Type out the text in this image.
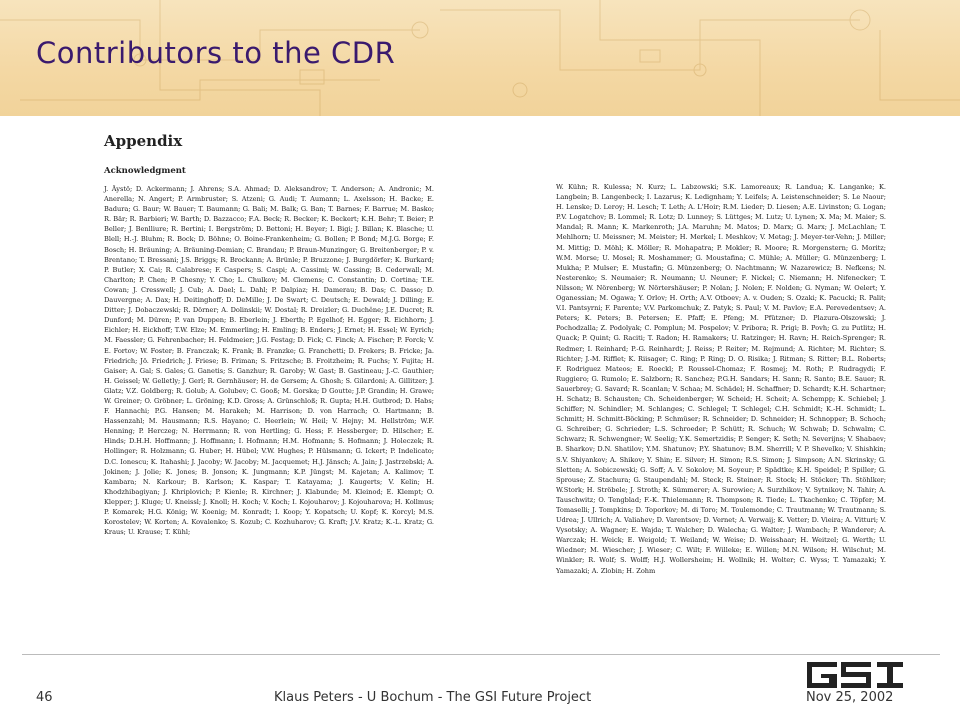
Contributors to the CDR
Appendix
Acknowledgment

J. Äystö; D. Ackermann; J. Ahrens; S.A. Ahmad; D. Aleksandrov; T. Anderson; A. Andronic; M. Anerella; N. Angert; P. Armbruster; S. Atzeni; G. Audi; T. Aumann; L. Axelsson; H. Backe; E. Badura; G. Baur; W. Bauer; T. Baumann; G. Bali; M. Balk; G. Ban; T. Barnes; F. Barrue; M. Basko; R. Bär; R. Barbieri; W. Barth; D. Bazzacco; F.A. Beck; R. Becker; K. Beckert; K.H. Behr; T. Beier; P. Beller; J. Benlliure; R. Bertini; I. Bergström; D. Bettoni; H. Beyer; I. Bigi; J. Billan; K. Blasche; U. Blell; H.-J. Bluhm; R. Bock; D. Böhne; O. Boine-Frankenheim; G. Bollen; P. Bond; M.J.G. Borge; F. Bosch; H. Bräuning; A. Bräuning-Demian; C. Brandau; P. Braun-Munzinger; G. Breitenberger; P. v. Brentano; T. Bressani; J.S. Briggs; R. Brockann; A. Brünle; P. Bruzzone; J. Burgdörfer; K. Burkard; P. Butler; X. Cai; R. Calabrese; F. Caspers; S. Caspi; A. Cassimi; W. Cassing; B. Cederwall; M. Charlton; P. Chen; P. Chesny; Y. Cho; L. Chulkov; M. Clemens; C. Constantin; D. Cortina; T.E. Cowan; J. Cresswell; J. Cub; A. Dael; L. Dahl; P. Dalpiaz; H. Damerau; B. Das; C. Dasso; D. Dauvergne; A. Dax; H. Deitinghoff; D. DeMille; J. De Swart; C. Deutsch; E. Dewald; J. Dilling; E. Ditter; J. Dobaczewski; R. Dörner; A. Dolinskii; W. Dostal; R. Dreizler; G. Duchêne; J.E. Ducret; R. Dunford; M. Düren; P. van Duppen; B. Eberlein; J. Eberth; P. Egelhof; H. Egger; R. Eichhorn; J. Eichler; H. Eickhoff; T.W. Elze; M. Emmerling; H. Emling; B. Enders; J. Ernet; H. Essel; W. Eyrich; M. Faessler; G. Fehrenbacher; H. Feldmeier; J.G. Festag; D. Fick; C. Finck; A. Fischer; P. Forck; V. E. Fortov; W. Foster; B. Franczak; K. Frank; B. Franzke; G. Franchetti; D. Frekers; B. Fricke; Ja. Friedrich; Jö. Friedrich; J. Friese; B. Friman; S. Fritzsche; B. Froitzheim; R. Fuchs; Y. Fujita; H. Gaiser; A. Gal; S. Gales; G. Ganetis; S. Ganzhur; R. Garoby; W. Gast; B. Gastineau; J.-C. Gauthier; H. Geissel; W. Gelletly; J. Gerl; R. Gernhäuser; H. de Gersem; A. Ghosh; S. Gilardoni; A. Gillitzer; J. Glatz; V.Z. Goldberg; R. Golub; A. Golubev; C. Gooß; M. Gorska; D Goutte; J.P. Grandin; H. Grawe; W. Greiner; O. Gröbner; L. Gröning; K.D. Gross; A. Grünschloß; R. Gupta; H.H. Gutbrod; D. Habs; F. Hannachi; P.G. Hansen; M. Harakeh; M. Harrison; D. von Harrach; O. Hartmann; B. Hassenzahl; M. Hausmann; R.S. Hayano; C. Heerlein; W. Heil; V. Hejny; M. Hellström; W.F. Henning; P. Herczeg; N. Herrmann; R. von Hertling; G. Hess; F. Hessberger; D. Hilscher; E. Hinds; D.H.H. Hoffmann; J. Hoffmann; I. Hofmann; H.M. Hofmann; S. Hofmann; J. Holeczek; R. Hollinger; R. Holzmann; G. Huber; H. Hübel; V.W. Hughes; P. Hülsmann; G. Ickert; P. Indelicato; D.C. Ionescu; K. Itahashi; J. Jacoby; W. Jacoby; M. Jacquemet; H.J. Jänsch; A. Jain; J. Jastrzebski; A. Jokinen; J. Jolie; K. Jones; B. Jonson; K. Jungmann; K.P. Jüngst; M. Kajetan; A. Kalimov; T. Kambara; N. Karkour; B. Karlson; K. Kaspar; T. Katayama; J. Kaugerts; V. Kelin; H. Khodzhibagiyan; J. Khriplovich; P. Kienle; R. Kirchner; J. Klabunde; M. Kleinod; E. Klempt; O. Klepper; J. Kluge; U. Kneissl; J. Knoll; H. Koch; V. Koch; I. Kojouharov; J. Kojouharova; H. Kollmus; P. Komarek; H.G. König; W. Koenig; M. Konradt; I. Koop; Y. Kopatsch; U. Kopf; K. Korcyl; M.S. Korostelev; W. Korten; A. Kovalenko; S. Kozub; C. Kozhuharov; G. Kraft; J.V. Kratz; K.-L. Kratz; G. Kraus; U. Krause; T. Kühl;

W. Kühn; R. Kulessa; N. Kurz; L. Labzowski; S.K. Lamoreaux; R. Landua; K. Langanke; K. Langbein; B. Langenbeck; I. Lazarus; K. Ledignham; Y. Leifels; A. Leistenschneider; S. Le Naour; H. Lenske; D. Leroy; H. Lesch; T. Leth; A. L'Hoir; R.M. Lieder; D. Liesen; A.E. Livinston; G. Logan; P.V. Logatchov; B. Lommel; R. Lotz; D. Lunney; S. Lüttges; M. Lutz; U. Lynen; X. Ma; M. Maier; S. Mandal; R. Mann; K. Markenroth; J.A. Maruhn; M. Matos; D. Marx; G. Marx; J. McLachlan; T. Mehlhorn; U. Meissner; M. Meister; H. Merkel; I. Meshkov; V. Metag; J. Meyer-ter-Vehn; J. Miller; M. Mittig; D. Möhl; K. Möller; R. Mohapatra; P. Mokler; R. Moore; R. Morgenstern; G. Moritz; W.M. Morse; U. Mosel; R. Moshammer; G. Moustafina; C. Mühle; A. Müller; G. Münzenberg; I. Mukha; P. Mulser; E. Mustafin; G. Münzenberg; O. Nachtmann; W. Nazarewicz; B. Nefkens; N. Nesterenko; S. Neumaier; R. Neumann; U. Neuner; F. Nickel; C. Niemann; H. Nifenecker; T. Nilsson; W. Nörenberg; W. Nörtershäuser; P. Nolan; J. Nolen; F. Nolden; G. Nyman; W. Oelert; Y. Oganessian; M. Ogawa; Y. Orlov; H. Orth; A.V. Otboev; A. v. Ouden; S. Ozaki; K. Pacucki; R. Palit; V.I. Pantsyrni; F. Parente; V.V. Parkomchuk; Z. Patyk; S. Paul; V. M. Pavlov; E.A. Perevedentsev; A. Peters; K. Peters; B. Petersen; E. Pfaff; E. Pfeng; M. Pfützner; D. Plazura-Olszowski; J. Pochodzalla; Z. Podolyak; C. Pomplun; M. Pospelov; V. Pribora; R. Prigi; B. Povh; G. zu Putlitz; H. Quack; P. Quint; G. Raciti; T. Radon; H. Ramakers; U. Ratzinger; H. Ravn; H. Reich-Sprenger; R. Redmer; I. Reinhard; P.-G. Reinhardt; J. Reiss; P. Reiter; M. Rejmund; A. Richter; M. Richter; S. Richter; J.-M. Rifflet; K. Riisager; C. Ring; P. Ring; D. O. Risika; J. Ritman; S. Ritter; B.L. Roberts; F. Rodriguez Mateos; E. Roeckl; P. Roussel-Chomaz; F. Rosmej; M. Roth; P. Rudragydi; F. Ruggiero; G. Rumolo; E. Salzborn; R. Sanchez; P.G.H. Sandars; H. Sann; R. Santo; B.E. Sauer; R. Sauerbrey; G. Savard; R. Scanlan; V. Schaa; M. Schädel; H. Schaffner; D. Schardt; K.H. Schartner; H. Schatz; B. Schausten; Ch. Scheidenberger; W. Scheid; H. Scheit; A. Schempp; K. Schiebel; J. Schiffer; N. Schindler; M. Schlanges; C. Schlegel; T. Schlegel; C.H. Schmidt; K.-H. Schmidt; L. Schmitt; H. Schmitt-Böcking; P. Schmüser; R. Schneider; D. Schneider; H. Schnopper; B. Schoch; G. Schreiber; G. Schrieder; L.S. Schroeder; P. Schütt; R. Schuch; W. Schwab; D. Schwalm; C. Schwarz; R. Schwengner; W. Seelig; Y.K. Semertzidis; P. Senger; K. Seth; N. Severijns; V. Shabaev; B. Sharkov; D.N. Shatilov; Y.M. Shatunov; P.Y. Shatunov; B.M. Sherrill; V. P. Shevelko; V. Shishkin; S.V. Shiyankov; A. Shikov; Y. Shin; E. Silver; H. Simon; R.S. Simon; J. Simpson; A.N. Skrinsky; G. Sletten; A. Sobiczewski; G. Soff; A. V. Sokolov; M. Soyeur; P. Spädtke; K.H. Speidel; P. Spiller; G. Sprouse; Z. Stachura; G. Staupendahl; M. Steck; R. Steiner; R. Stock; H. Stöcker; Th. Stöhlker; W.Stork; H. Ströbele; J. Stroth; K. Sümmerer; A. Surowiec; A. Surzhikov; V. Sytnikov; N. Tahir; A. Tauschwitz; O. Tengblad; F.-K. Thielemann; R. Thompson; R. Tiede; L. Tkachenko; C. Töpfer; M. Tomaselli; J. Tompkins; D. Toporkov; M. di Toro; M. Toulemonde; C. Trautmann; W. Trautmann; S. Udrea; J. Ullrich; A. Valiahev; D. Varentsov; D. Vernet; A. Verwaij; K. Vetter; D. Vieira; A. Vitturi; V. Vysotsky; A. Wagner; E. Wajda; T. Walcher; D. Walecha; G. Walter; J. Wambach; P. Wanderer; A. Warczak; H. Weick; E. Weigold; T. Weiland; W. Weise; D. Weisshaar; H. Weitzel; G. Werth; U. Wiedner; M. Wiescher; J. Wieser; C. Wilt; F. Willeke; E. Willen; M.N. Wilson; H. Wilschut; M. Winkler; R. Wolf; S. Wolff; H.J. Wollersheim; H. Wollnik; H. Wolter; C. Wyss; T. Yamazaki; Y. Yamazaki; A. Zlobin; H. Zohm

46	Klaus Peters - U Bochum - The GSI Future Project	Nov 25, 2002
